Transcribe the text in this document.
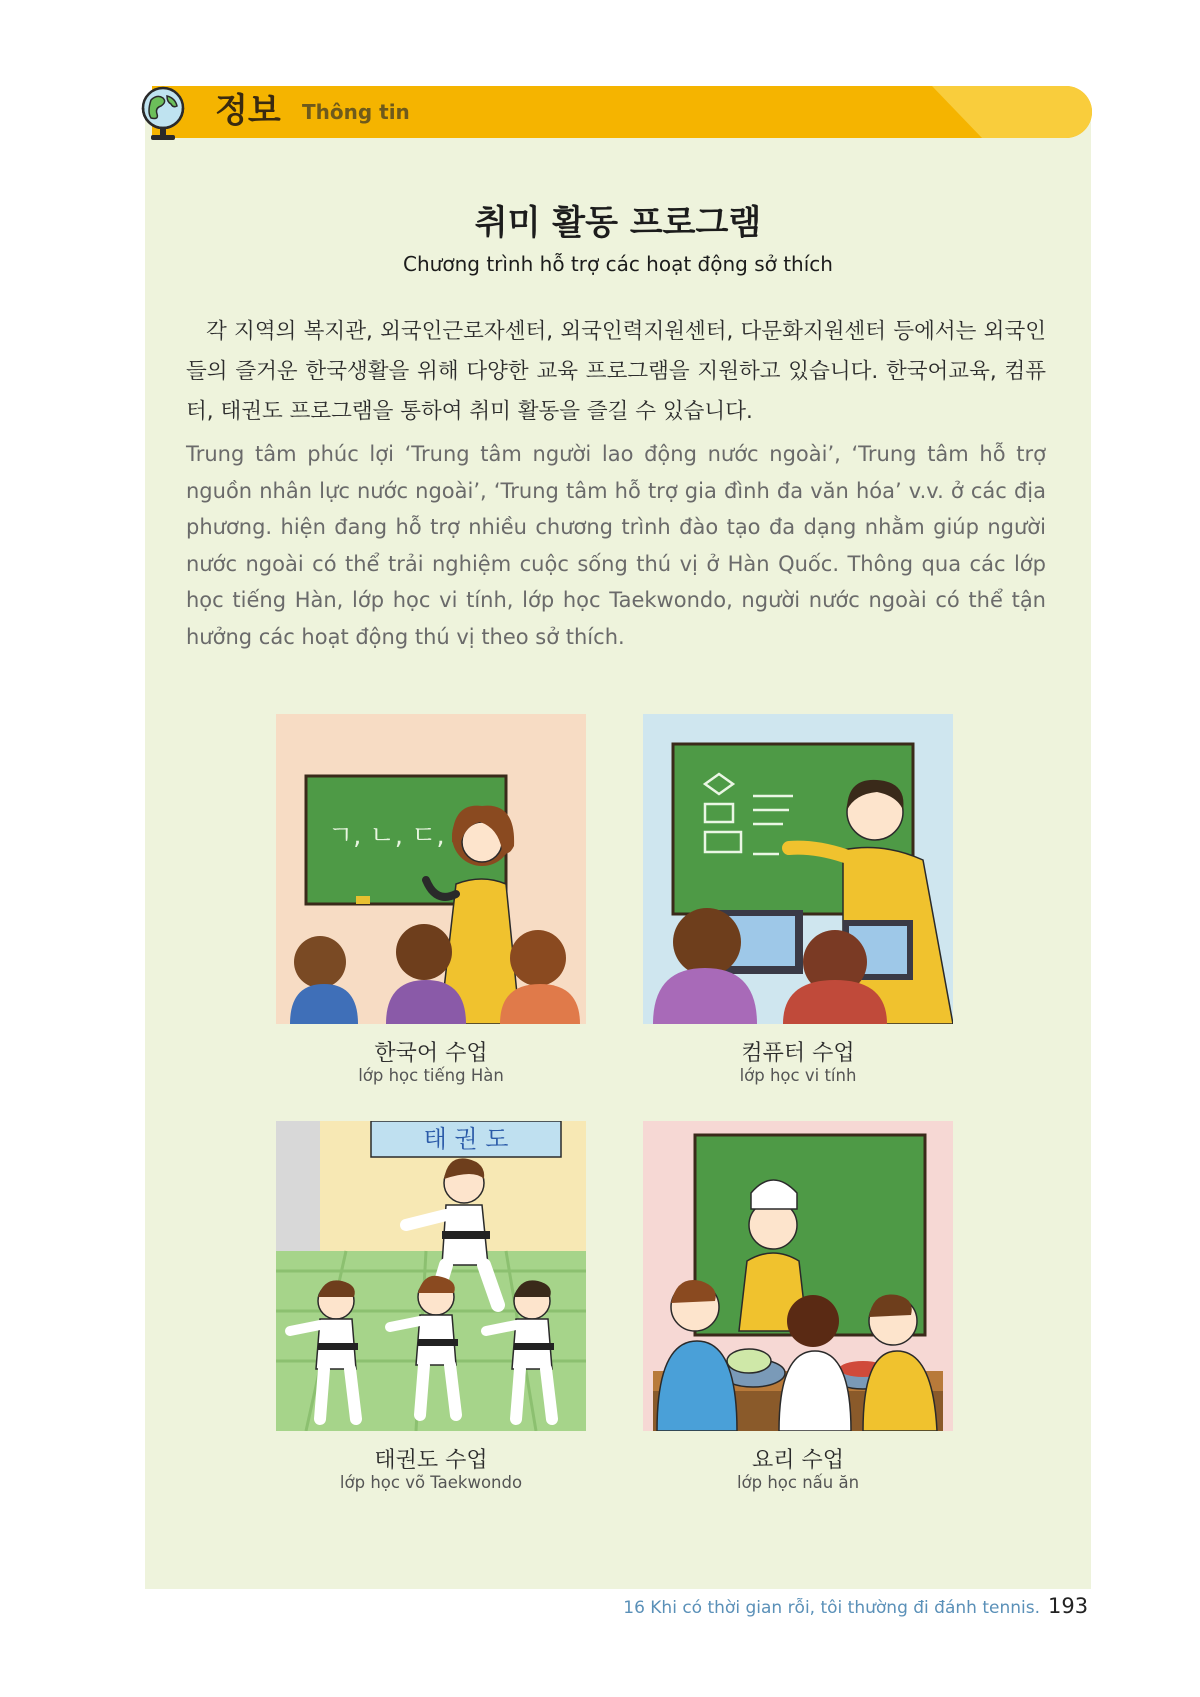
정보 Thông tin
취미 활동 프로그램
Chương trình hỗ trợ các hoạt động sở thích
각 지역의 복지관, 외국인근로자센터, 외국인력지원센터, 다문화지원센터 등에서는 외국인들의 즐거운 한국생활을 위해 다양한 교육 프로그램을 지원하고 있습니다. 한국어교육, 컴퓨터, 태권도 프로그램을 통하여 취미 활동을 즐길 수 있습니다.
Trung tâm phúc lợi ‘Trung tâm người lao động nước ngoài’, ‘Trung tâm hỗ trợ nguồn nhân lực nước ngoài’, ‘Trung tâm hỗ trợ gia đình đa văn hóa’ v.v. ở các địa phương. hiện đang hỗ trợ nhiều chương trình đào tạo đa dạng nhằm giúp người nước ngoài có thể trải nghiệm cuộc sống thú vị ở Hàn Quốc. Thông qua các lớp học tiếng Hàn, lớp học vi tính, lớp học Taekwondo, người nước ngoài có thể tận hưởng các hoạt động thú vị theo sở thích.
ㄱ, ㄴ, ㄷ,
한국어 수업
lớp học tiếng Hàn
컴퓨터 수업
lớp học vi tính
태 권 도
태권도 수업
lớp học võ Taekwondo
요리 수업
lớp học nấu ăn
16 Khi có thời gian rỗi, tôi thường đi đánh tennis. 193
